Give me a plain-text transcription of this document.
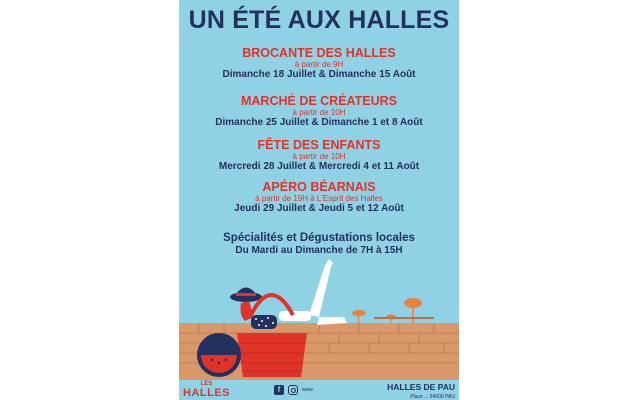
UN ÉTÉ AUX HALLES
BROCANTE DES HALLES
à partir de 9H
Dimanche 18 Juillet & Dimanche 15 Août
MARCHÉ DE CRÉATEURS
à partir de 10H
Dimanche 25 Juillet & Dimanche 1 et 8 Août
FÊTE DES ENFANTS
à partir de 10H
Mercredi 28 Juillet & Mercredi 4 et 11 Août
APÉRO BÉARNAIS
à partir de 19H à L'Esprit des Halles
Jeudi 29 Juillet & Jeudi 5 et 12 Août
Spécialités et Dégustations locales
Du Mardi au Dimanche de 7H à 15H
LES
HALLES	f	www	HALLES DE PAU
Place ... 64000 PAU
